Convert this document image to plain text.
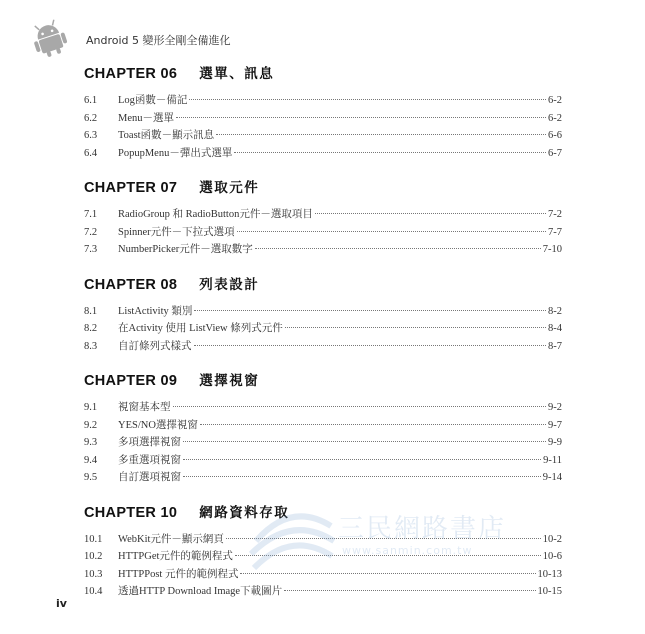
Android 5 變形全剛全備進化
CHAPTER 06 選單、訊息
6.1	Log函數－備記	6-2
6.2	Menu－選單	6-2
6.3	Toast函數－顯示訊息	6-6
6.4	PopupMenu－彈出式選單	6-7
CHAPTER 07 選取元件
7.1	RadioGroup 和 RadioButton元件－選取項目	7-2
7.2	Spinner元件－下拉式選項	7-7
7.3	NumberPicker元件－選取數字	7-10
CHAPTER 08 列表設計
8.1	ListActivity 類別	8-2
8.2	在Activity 使用 ListView 條列式元件	8-4
8.3	自訂條列式樣式	8-7
CHAPTER 09 選擇視窗
9.1	視窗基本型	9-2
9.2	YES/NO選擇視窗	9-7
9.3	多項選擇視窗	9-9
9.4	多重選項視窗	9-11
9.5	自訂選項視窗	9-14
CHAPTER 10 網路資料存取
10.1	WebKit元件－顯示網頁	10-2
10.2	HTTPGet元件的範例程式	10-6
10.3	HTTPPost 元件的範例程式	10-13
10.4	透過HTTP Download Image下載圖片	10-15
三民網路書店
www.sanmin.com.tw
iv
